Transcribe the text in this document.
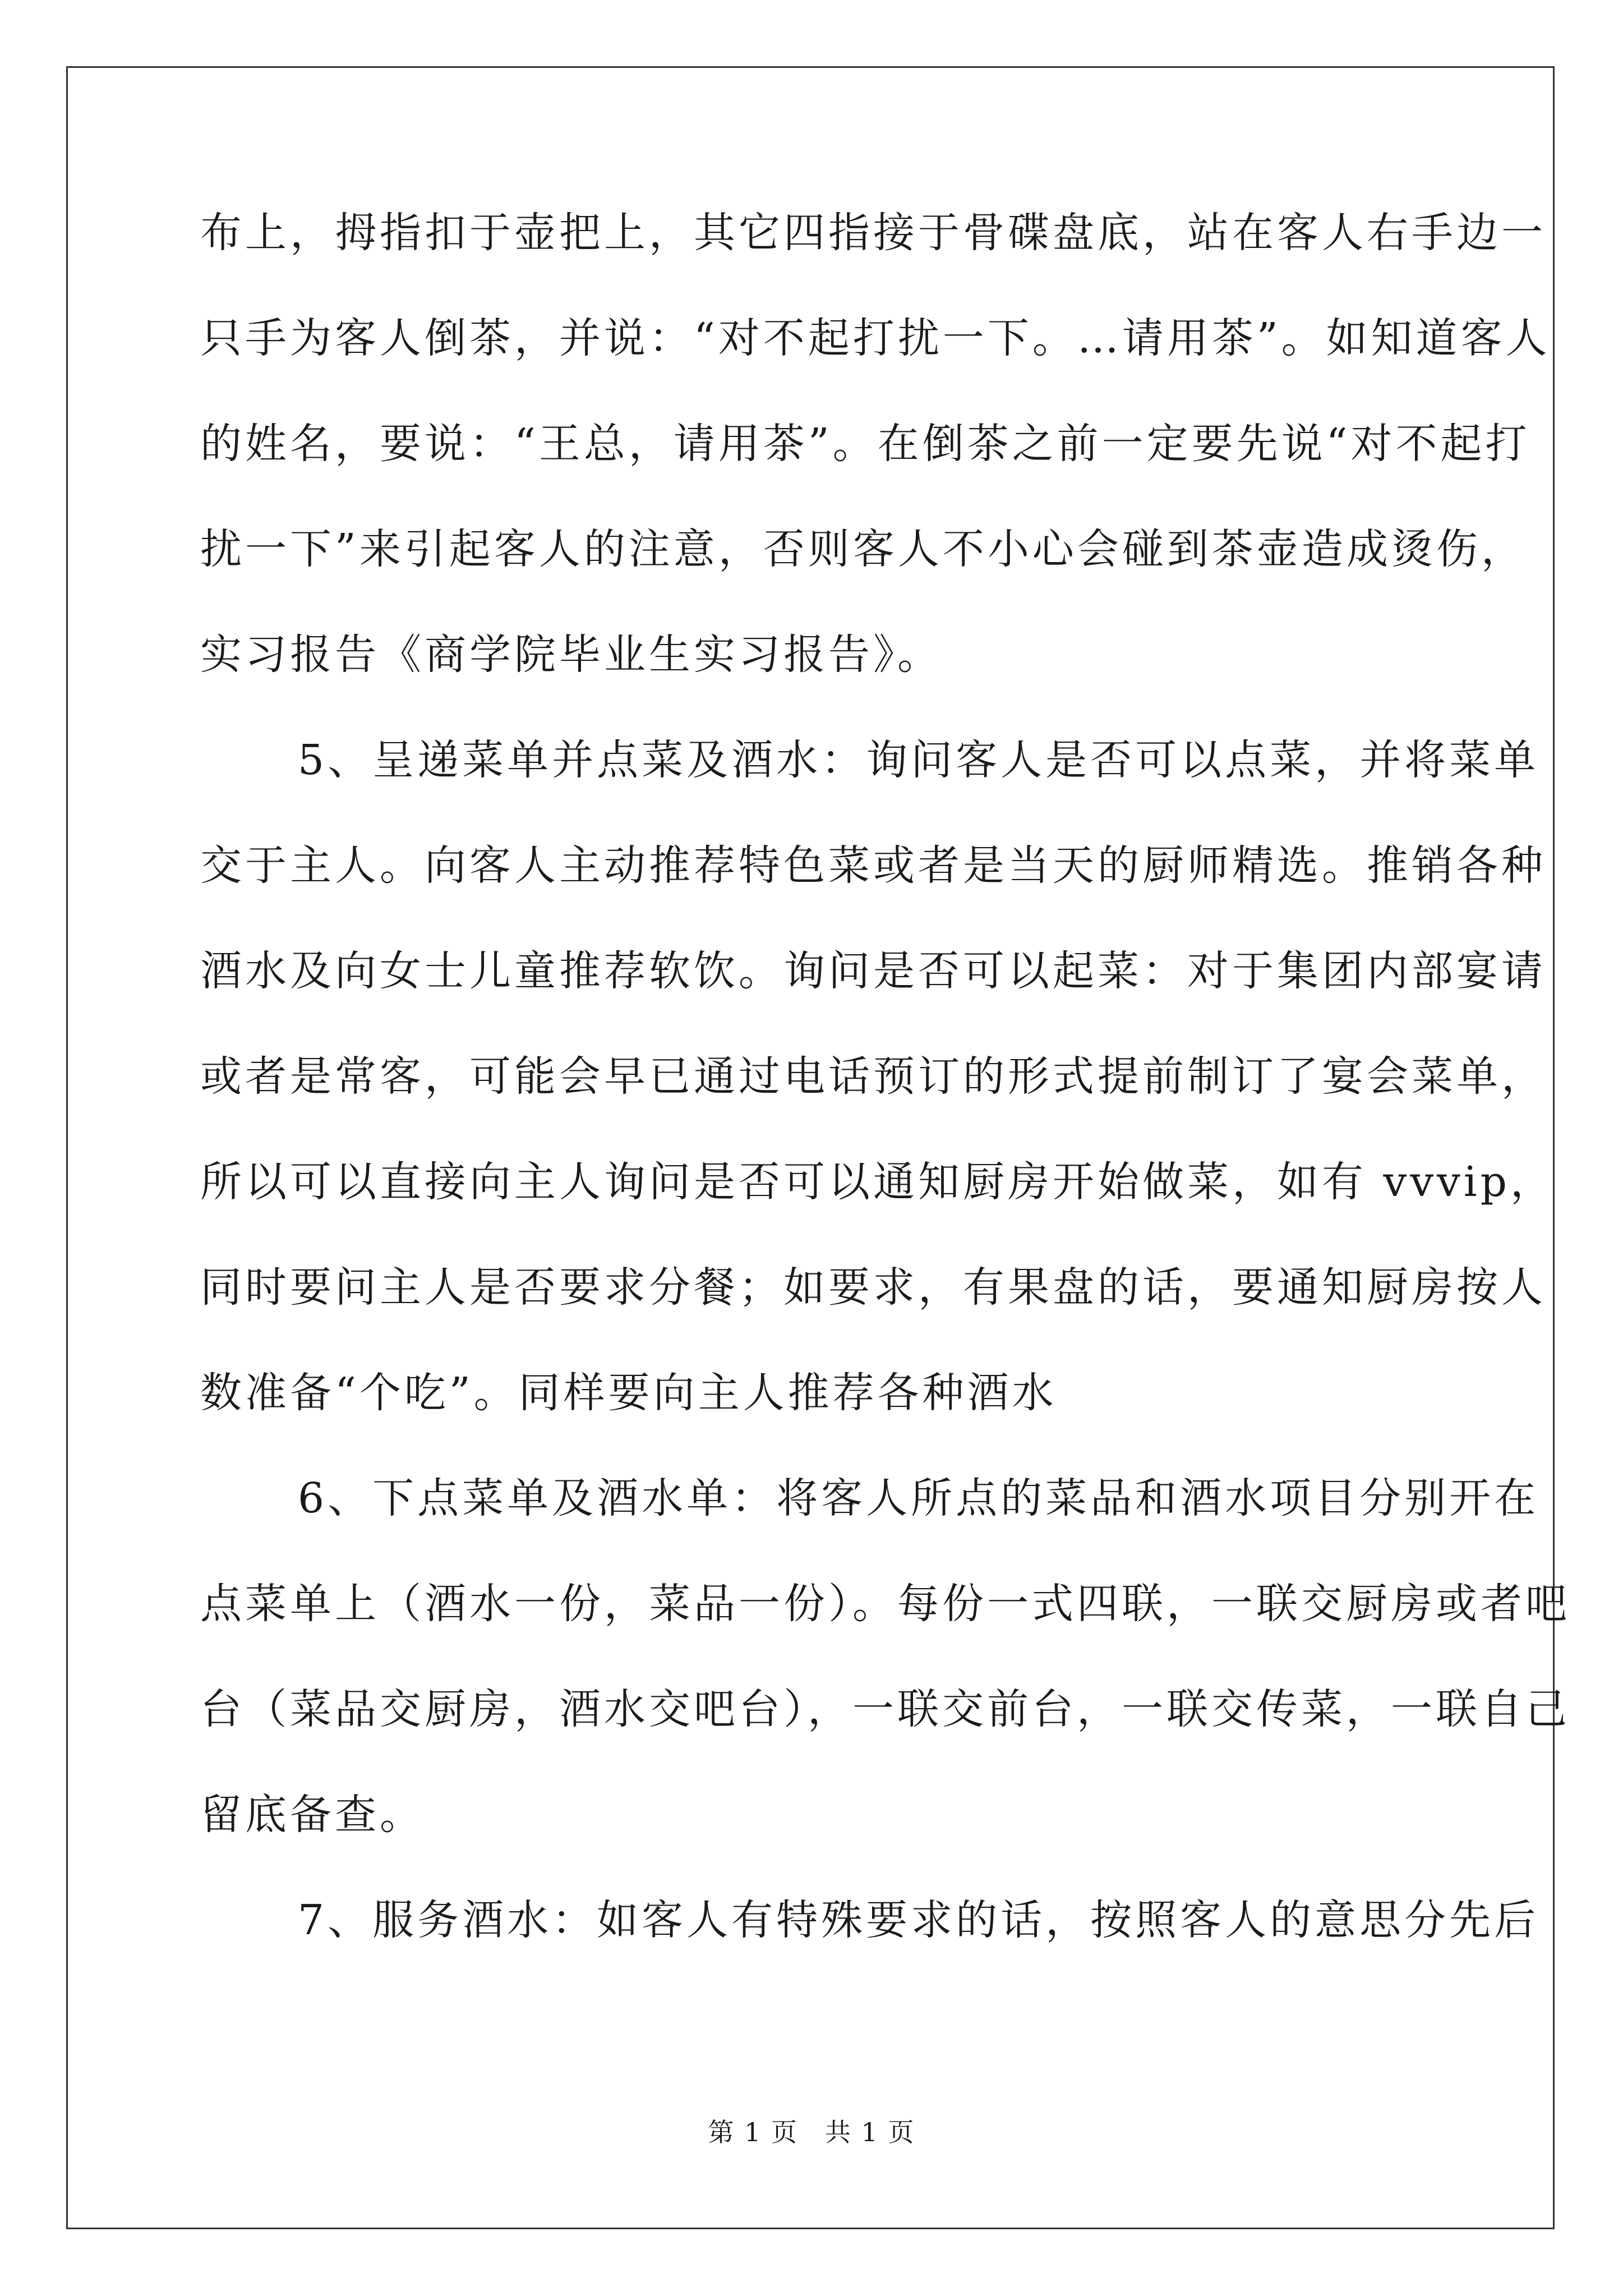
布上，拇指扣于壶把上，其它四指接于骨碟盘底，站在客人右手边一
只手为客人倒茶，并说：“对不起打扰一下。…请用茶”。如知道客人
的姓名，要说：“王总，请用茶”。在倒茶之前一定要先说“对不起打
扰一下”来引起客人的注意，否则客人不小心会碰到茶壶造成烫伤，
实习报告《商学院毕业生实习报告》。
5、呈递菜单并点菜及酒水：询问客人是否可以点菜，并将菜单
交于主人。向客人主动推荐特色菜或者是当天的厨师精选。推销各种
酒水及向女士儿童推荐软饮。询问是否可以起菜：对于集团内部宴请
或者是常客，可能会早已通过电话预订的形式提前制订了宴会菜单，
所以可以直接向主人询问是否可以通知厨房开始做菜，如有 vvvip，
同时要问主人是否要求分餐；如要求，有果盘的话，要通知厨房按人
数准备“个吃”。同样要向主人推荐各种酒水
6、下点菜单及酒水单：将客人所点的菜品和酒水项目分别开在
点菜单上（酒水一份，菜品一份）。每份一式四联，一联交厨房或者吧
台（菜品交厨房，酒水交吧台），一联交前台，一联交传菜，一联自己
留底备查。
7、服务酒水：如客人有特殊要求的话，按照客人的意思分先后
第 1 页　共 1 页
